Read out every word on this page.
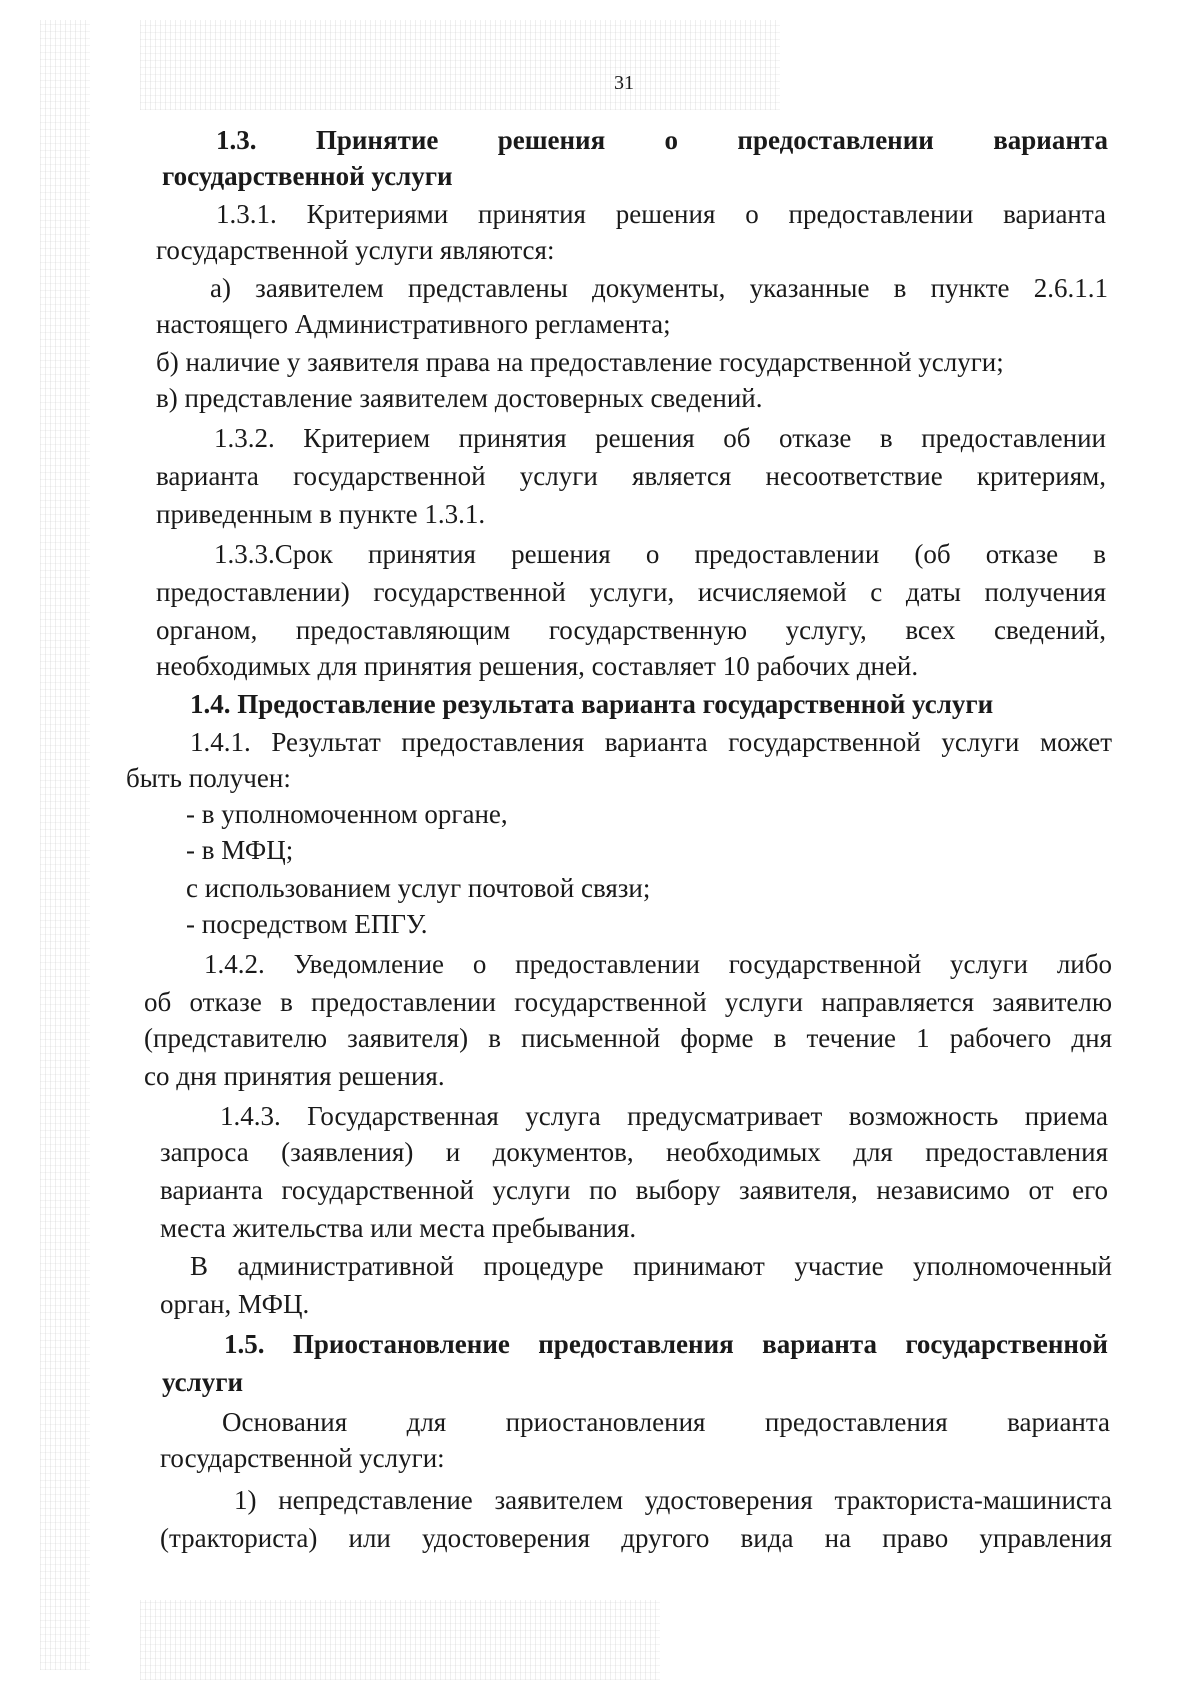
31
1.3. Принятие решения о предоставлении варианта
государственной услуги
1.3.1. Критериями принятия решения о предоставлении варианта
государственной услуги являются:
а) заявителем представлены документы, указанные в пункте 2.6.1.1
настоящего Административного регламента;
б) наличие у заявителя права на предоставление государственной услуги;
в) представление заявителем достоверных сведений.
1.3.2. Критерием принятия решения об отказе в предоставлении
варианта государственной услуги является несоответствие критериям,
приведенным в пункте 1.3.1.
1.3.3.Срок принятия решения о предоставлении (об отказе в
предоставлении) государственной услуги, исчисляемой с даты получения
органом, предоставляющим государственную услугу, всех сведений,
необходимых для принятия решения, составляет 10 рабочих дней.
1.4. Предоставление результата варианта государственной услуги
1.4.1. Результат предоставления варианта государственной услуги может
быть получен:
- в уполномоченном органе,
- в МФЦ;
с использованием услуг почтовой связи;
- посредством ЕПГУ.
1.4.2. Уведомление о предоставлении государственной услуги либо
об отказе в предоставлении государственной услуги направляется заявителю
(представителю заявителя) в письменной форме в течение 1 рабочего дня
со дня принятия решения.
1.4.3. Государственная услуга предусматривает возможность приема
запроса (заявления) и документов, необходимых для предоставления
варианта государственной услуги по выбору заявителя, независимо от его
места жительства или места пребывания.
В административной процедуре принимают участие уполномоченный
орган, МФЦ.
1.5. Приостановление предоставления варианта государственной
услуги
Основания для приостановления предоставления варианта
государственной услуги:
1) непредставление заявителем удостоверения тракториста-машиниста
(тракториста) или удостоверения другого вида на право управления
